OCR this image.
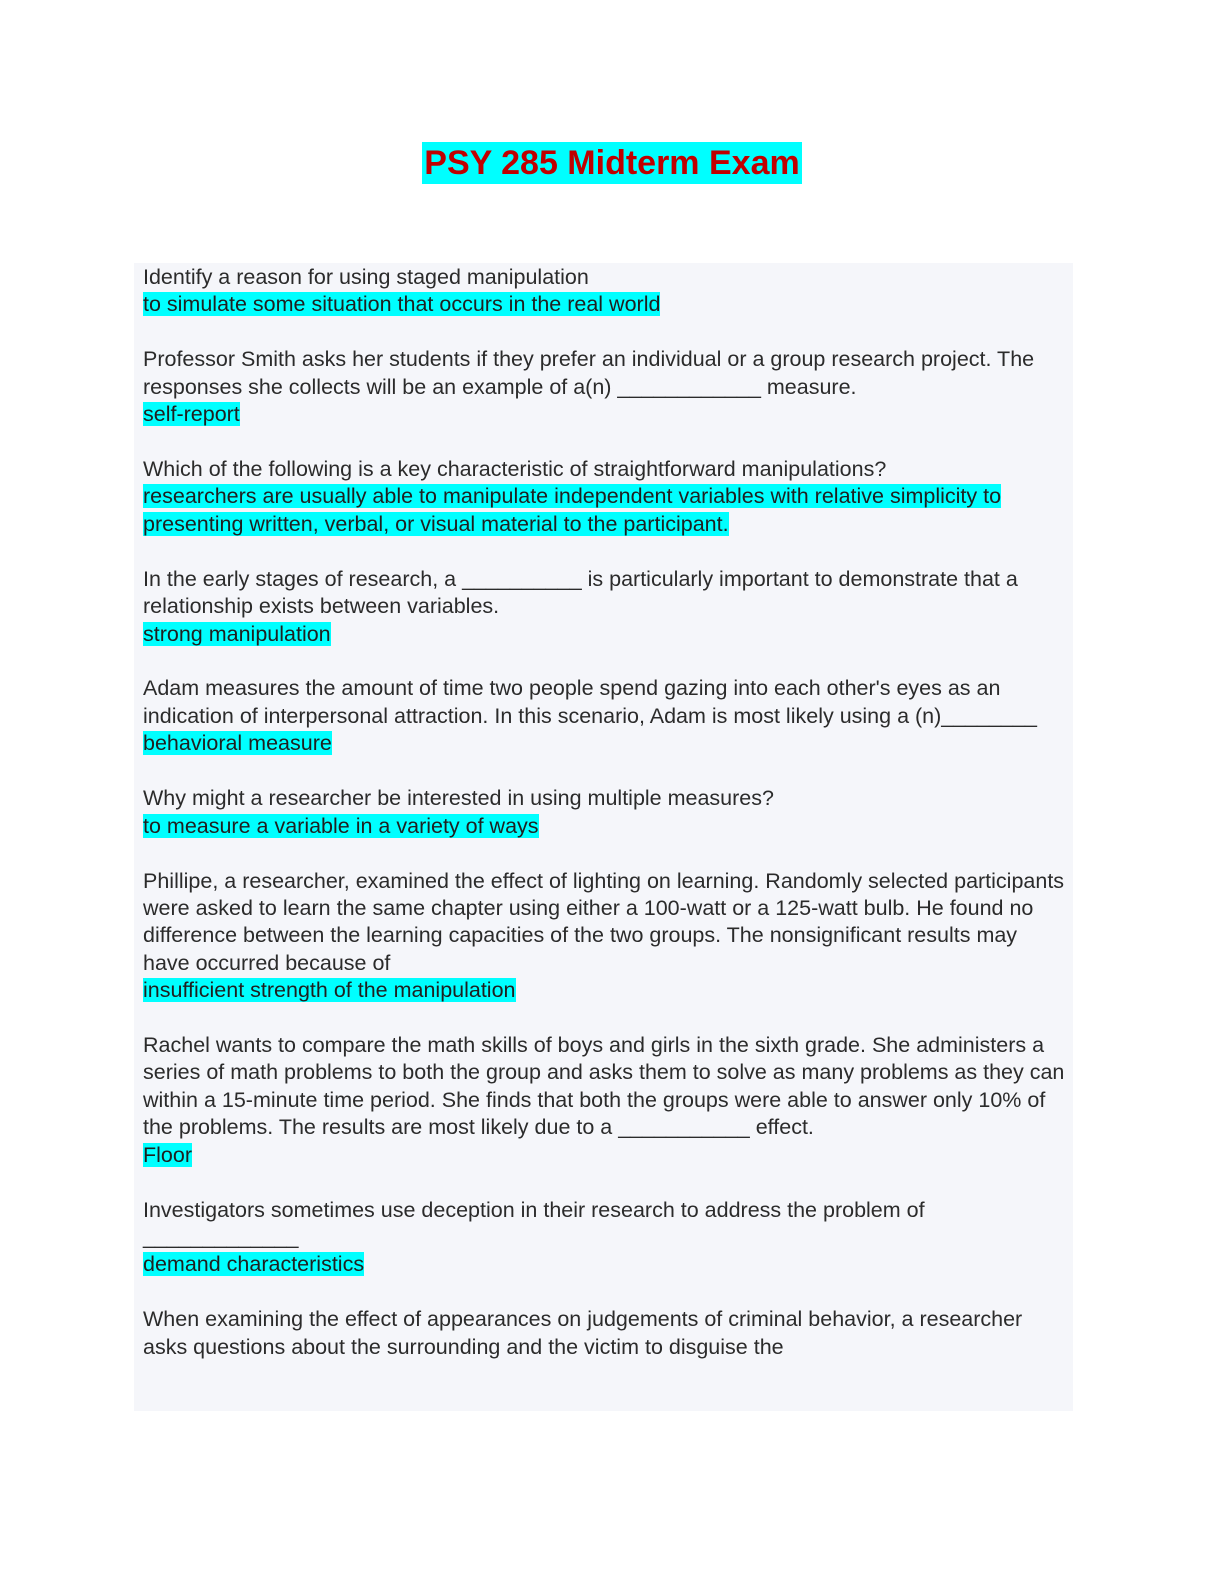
PSY 285 Midterm Exam

Identify a reason for using staged manipulation

to simulate some situation that occurs in the real world

Professor Smith asks her students if they prefer an individual or a group research project. The responses she collects will be an example of a(n) ____________ measure.

self-report

Which of the following is a key characteristic of straightforward manipulations?

researchers are usually able to manipulate independent variables with relative simplicity to presenting written, verbal, or visual material to the participant.

In the early stages of research, a __________ is particularly important to demonstrate that a relationship exists between variables.

strong manipulation

Adam measures the amount of time two people spend gazing into each other's eyes as an indication of interpersonal attraction. In this scenario, Adam is most likely using a (n)________

behavioral measure

Why might a researcher be interested in using multiple measures?

to measure a variable in a variety of ways

Phillipe, a researcher, examined the effect of lighting on learning. Randomly selected participants were asked to learn the same chapter using either a 100-watt or a 125-watt bulb. He found no difference between the learning capacities of the two groups. The nonsignificant results may have occurred because of

insufficient strength of the manipulation

Rachel wants to compare the math skills of boys and girls in the sixth grade. She administers a series of math problems to both the group and asks them to solve as many problems as they can within a 15-minute time period. She finds that both the groups were able to answer only 10% of the problems. The results are most likely due to a ___________ effect.

Floor

Investigators sometimes use deception in their research to address the problem of
_____________

demand characteristics

When examining the effect of appearances on judgements of criminal behavior, a researcher asks questions about the surrounding and the victim to disguise the
